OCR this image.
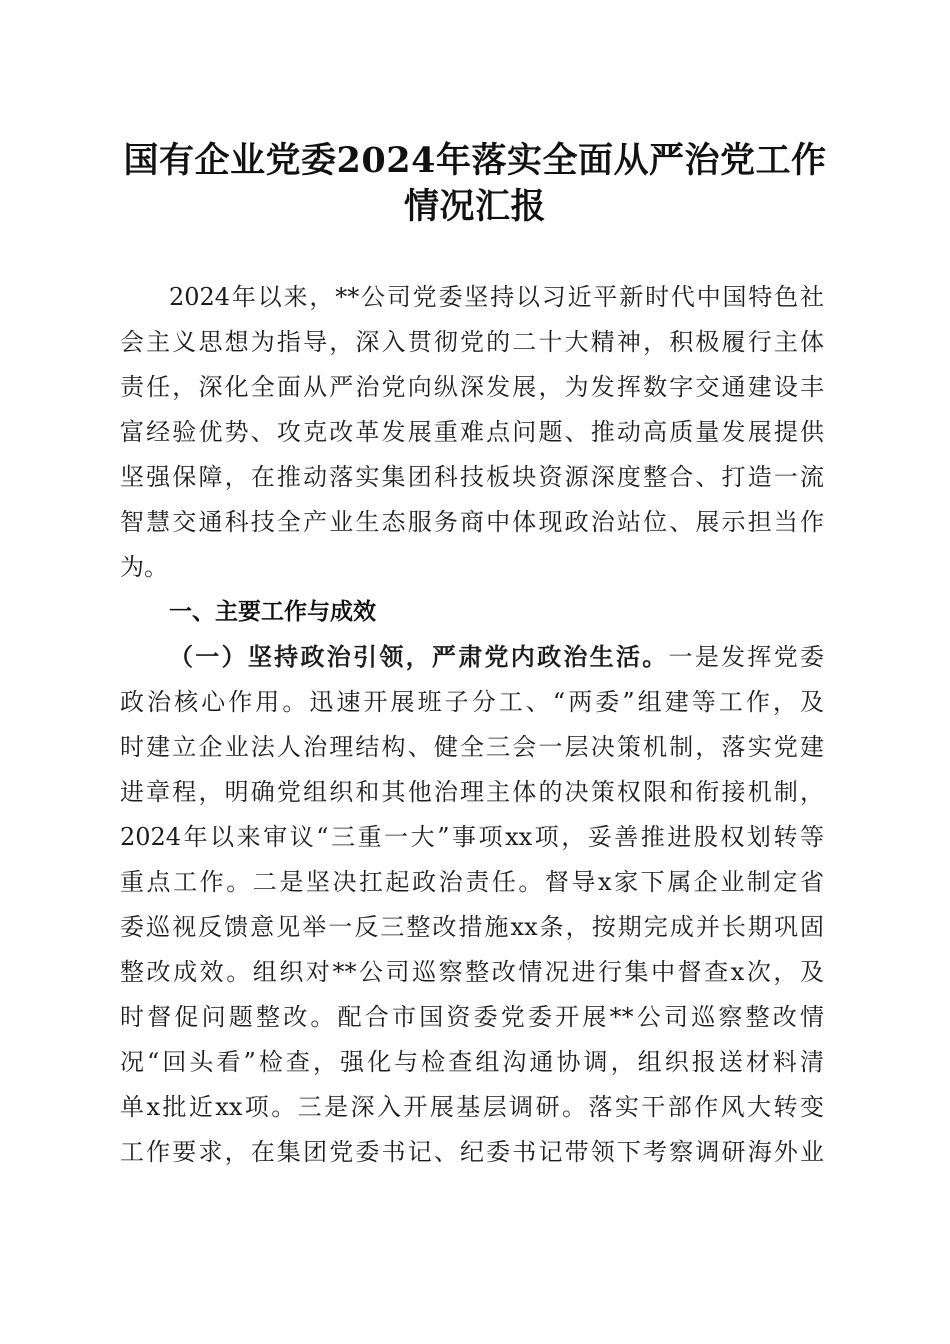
国有企业党委2024年落实全面从严治党工作
情况汇报
2024年以来，**公司党委坚持以习近平新时代中国特色社
会主义思想为指导，深入贯彻党的二十大精神，积极履行主体
责任，深化全面从严治党向纵深发展，为发挥数字交通建设丰
富经验优势、攻克改革发展重难点问题、推动高质量发展提供
坚强保障，在推动落实集团科技板块资源深度整合、打造一流
智慧交通科技全产业生态服务商中体现政治站位、展示担当作
为。
一、主要工作与成效
（一）坚持政治引领，严肃党内政治生活。一是发挥党委
政治核心作用。迅速开展班子分工、“两委”组建等工作，及
时建立企业法人治理结构、健全三会一层决策机制，落实党建
进章程，明确党组织和其他治理主体的决策权限和衔接机制，
2024年以来审议“三重一大”事项xx项，妥善推进股权划转等
重点工作。二是坚决扛起政治责任。督导x家下属企业制定省
委巡视反馈意见举一反三整改措施xx条，按期完成并长期巩固
整改成效。组织对**公司巡察整改情况进行集中督查x次，及
时督促问题整改。配合市国资委党委开展**公司巡察整改情
况“回头看”检查，强化与检查组沟通协调，组织报送材料清
单x批近xx项。三是深入开展基层调研。落实干部作风大转变
工作要求，在集团党委书记、纪委书记带领下考察调研海外业
